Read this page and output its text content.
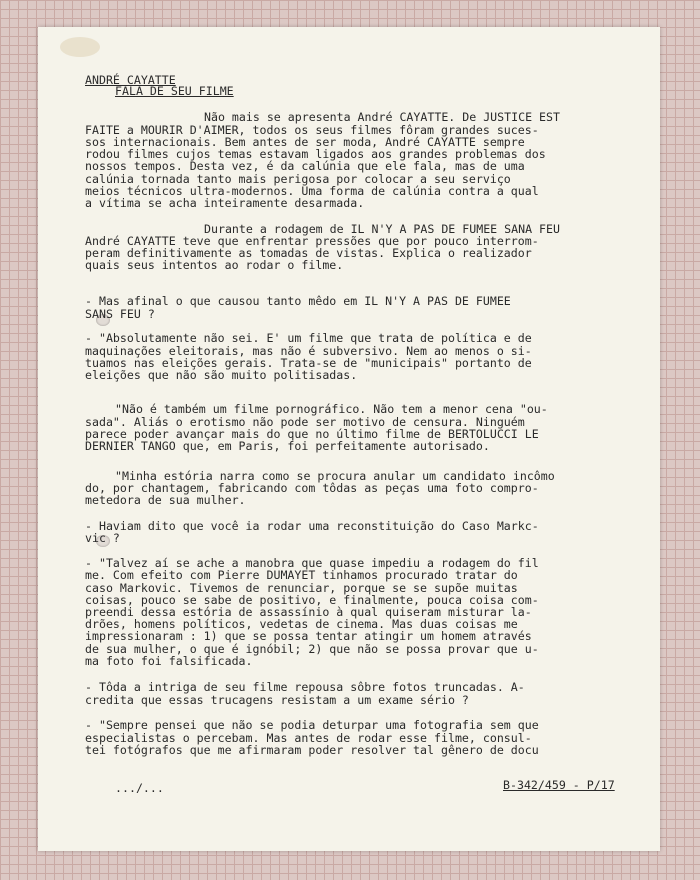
ANDRÉ CAYATTE
FALA DE SEU FILME
Não mais se apresenta André CAYATTE. De JUSTICE EST
FAITE a MOURIR D'AIMER, todos os seus filmes fôram grandes suces-
sos internacionais. Bem antes de ser moda, André CAYATTE sempre
rodou filmes cujos temas estavam ligados aos grandes problemas dos
nossos tempos. Desta vez, é da calúnia que ele fala, mas de uma
calúnia tornada tanto mais perigosa por colocar a seu serviço
meios técnicos ultra-modernos. Uma forma de calúnia contra a qual
a vítima se acha inteiramente desarmada.
Durante a rodagem de IL N'Y A PAS DE FUMEE SANA FEU
André CAYATTE teve que enfrentar pressões que por pouco interrom-
peram definitivamente as tomadas de vistas. Explica o realizador
quais seus intentos ao rodar o filme.
- Mas afinal o que causou tanto mêdo em IL N'Y A PAS DE FUMEE
SANS FEU ?
- "Absolutamente não sei. E' um filme que trata de política e de
maquinações eleitorais, mas não é subversivo. Nem ao menos o si-
tuamos nas eleições gerais. Trata-se de "municipais" portanto de
eleições que não são muito politisadas.
"Não é também um filme pornográfico. Não tem a menor cena "ou-
sada". Aliás o erotismo não pode ser motivo de censura. Ninguém
parece poder avançar mais do que no último filme de BERTOLUCCI LE
DERNIER TANGO que, em Paris, foi perfeitamente autorisado.
"Minha estória narra como se procura anular um candidato incômo
do, por chantagem, fabricando com tôdas as peças uma foto compro-
metedora de sua mulher.
- Haviam dito que você ia rodar uma reconstituição do Caso Markc-
vic ?
- "Talvez aí se ache a manobra que quase impediu a rodagem do fil
me. Com efeito com Pierre DUMAYET tinhamos procurado tratar do
caso Markovic. Tivemos de renunciar, porque se se supõe muitas
coisas, pouco se sabe de positivo, e finalmente, pouca coisa com-
preendi dessa estória de assassínio à qual quiseram misturar la-
drões, homens políticos, vedetas de cinema. Mas duas coisas me
impressionaram : 1) que se possa tentar atingir um homem através
de sua mulher, o que é ignóbil; 2) que não se possa provar que u-
ma foto foi falsificada.
- Tôda a intriga de seu filme repousa sôbre fotos truncadas. A-
credita que essas trucagens resistam a um exame sério ?
- "Sempre pensei que não se podia deturpar uma fotografia sem que
especialistas o percebam. Mas antes de rodar esse filme, consul-
tei fotógrafos que me afirmaram poder resolver tal gênero de docu
.../...	B-342/459 - P/17
